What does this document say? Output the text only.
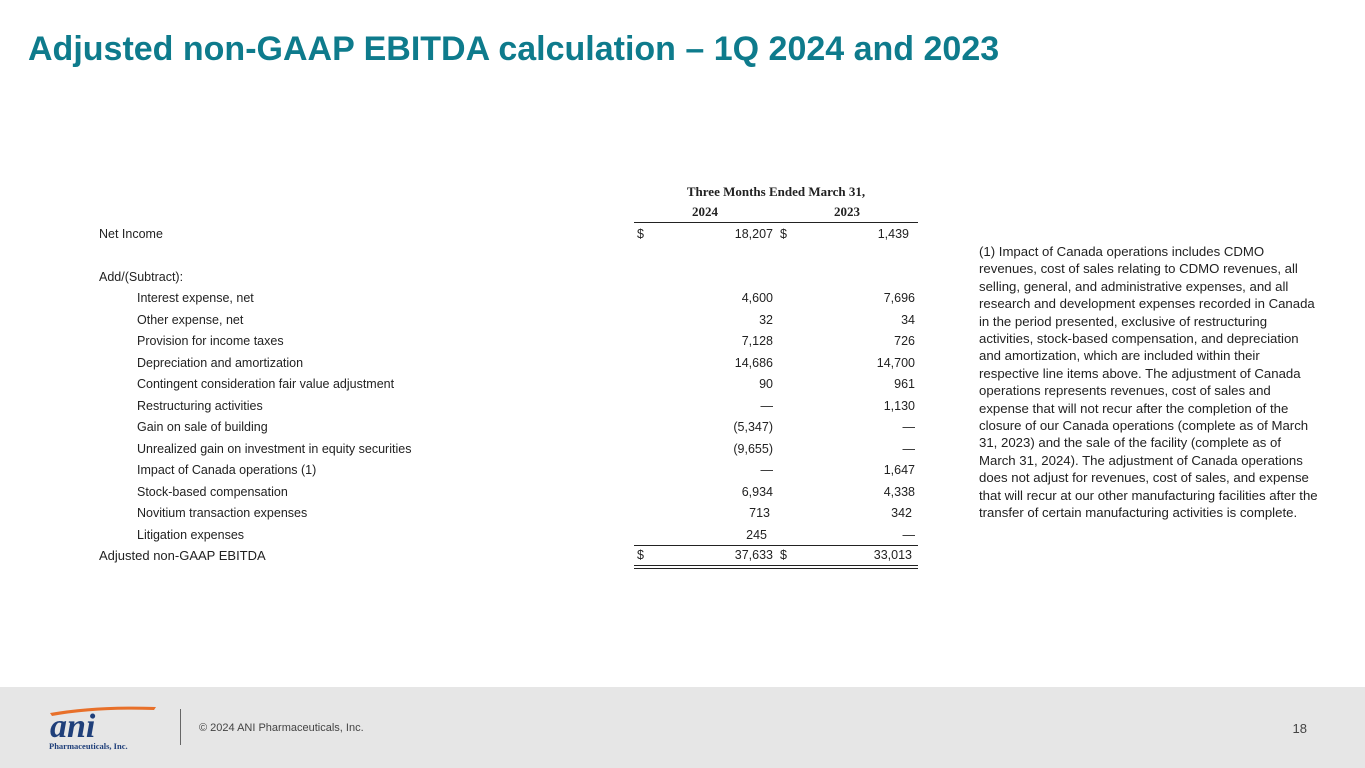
Adjusted non-GAAP EBITDA calculation – 1Q 2024 and 2023
Three Months Ended March 31,
2024	2023
Net Income	$	18,207 $	1,439
Add/(Subtract):
Interest expense, net	4,600	7,696
Other expense, net	32	34
Provision for income taxes	7,128	726
Depreciation and amortization	14,686	14,700
Contingent consideration fair value adjustment	90	961
Restructuring activities	—	1,130
Gain on sale of building	(5,347)	—
Unrealized gain on investment in equity securities	(9,655)	—
Impact of Canada operations (1)	—	1,647
Stock-based compensation	6,934	4,338
Novitium transaction expenses	713	342
Litigation expenses	245	—
Adjusted non-GAAP EBITDA	$	37,633 $	33,013
(1) Impact of Canada operations includes CDMO revenues, cost of sales relating to CDMO revenues, all selling, general, and administrative expenses, and all research and development expenses recorded in Canada in the period presented, exclusive of restructuring activities, stock-based compensation, and depreciation and amortization, which are included within their respective line items above. The adjustment of Canada operations represents revenues, cost of sales and expense that will not recur after the completion of the closure of our Canada operations (complete as of March 31, 2023) and the sale of the facility (complete as of March 31, 2024). The adjustment of Canada operations does not adjust for revenues, cost of sales, and expense that will recur at our other manufacturing facilities after the transfer of certain manufacturing activities is complete.
ani
Pharmaceuticals, Inc.
© 2024 ANI Pharmaceuticals, Inc.	18
